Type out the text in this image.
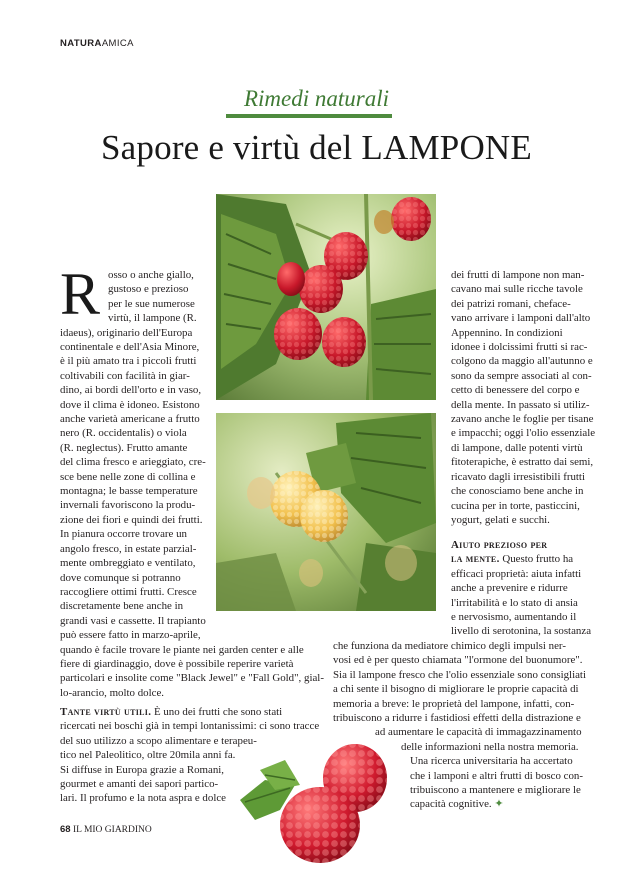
NATURAAMICA
Rimedi naturali
Sapore e virtù del LAMPONE
R osso o anche giallo,
gustoso e prezioso
per le sue numerose
virtù, il lampone (R.
idaeus), originario dell'Europa
continentale e dell'Asia Minore,
è il più amato tra i piccoli frutti
coltivabili con facilità in giar-
dino, ai bordi dell'orto e in vaso,
dove il clima è idoneo. Esistono
anche varietà americane a frutto
nero (R. occidentalis) o viola
(R. neglectus). Frutto amante
del clima fresco e arieggiato, cre-
sce bene nelle zone di collina e
montagna; le basse temperature
invernali favoriscono la produ-
zione dei fiori e quindi dei frutti.
In pianura occorre trovare un
angolo fresco, in estate parzial-
mente ombreggiato e ventilato,
dove comunque si potranno
raccogliere ottimi frutti. Cresce
discretamente bene anche in
grandi vasi e cassette. Il trapianto
può essere fatto in marzo-aprile,
quando è facile trovare le piante nei garden center e alle
fiere di giardinaggio, dove è possibile reperire varietà
particolari e insolite come "Black Jewel" e "Fall Gold", gial-
lo-arancio, molto dolce.
Tante virtù utili. È uno dei frutti che sono stati
ricercati nei boschi già in tempi lontanissimi: ci sono tracce
del suo utilizzo a scopo alimentare e terapeu-
tico nel Paleolitico, oltre 20mila anni fa.
Si diffuse in Europa grazie a Romani,
gourmet e amanti dei sapori partico-
lari. Il profumo e la nota aspra e dolce
dei frutti di lampone non man-
cavano mai sulle ricche tavole
dei patrizi romani, cheface-
vano arrivare i lamponi dall'alto
Appennino. In condizioni
idonee i dolcissimi frutti si rac-
colgono da maggio all'autunno e
sono da sempre associati al con-
cetto di benessere del corpo e
della mente. In passato si utiliz-
zavano anche le foglie per tisane
e impacchi; oggi l'olio essenziale
di lampone, dalle potenti virtù
fitoterapiche, è estratto dai semi,
ricavato dagli irresistibili frutti
che conosciamo bene anche in
cucina per in torte, pasticcini,
yogurt, gelati e succhi.
Aiuto prezioso per
la mente. Questo frutto ha
efficaci proprietà: aiuta infatti
anche a prevenire e ridurre
l'irritabilità e lo stato di ansia
e nervosismo, aumentando il
livello di serotonina, la sostanza
che funziona da mediatore chimico degli impulsi ner-
vosi ed è per questo chiamata "l'ormone del buonumore".
Sia il lampone fresco che l'olio essenziale sono consigliati
a chi sente il bisogno di migliorare le proprie capacità di
memoria a breve: le proprietà del lampone, infatti, con-
tribuiscono a ridurre i fastidiosi effetti della distrazione e
ad aumentare le capacità di immagazzinamento
delle informazioni nella nostra memoria.
Una ricerca universitaria ha accertato
che i lamponi e altri frutti di bosco con-
tribuiscono a mantenere e migliorare le
capacità cognitive. ✦
68 IL MIO GIARDINO
